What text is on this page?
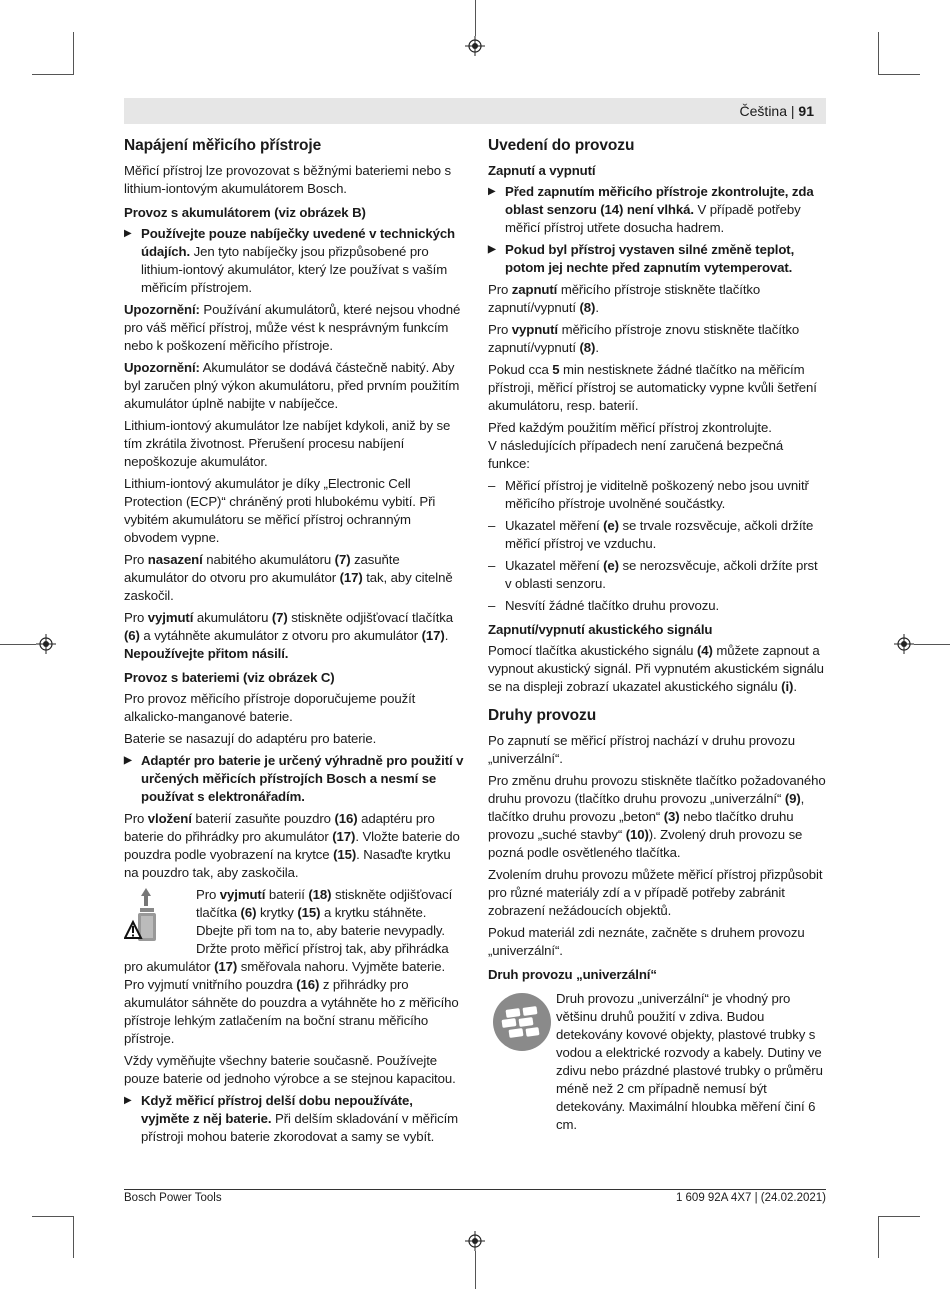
Čeština | 91
Napájení měřicího přístroje

Měřicí přístroj lze provozovat s běžnými bateriemi nebo s lithium-iontovým akumulátorem Bosch.

Provoz s akumulátorem (viz obrázek B)
▶ Používejte pouze nabíječky uvedené v technických údajích. Jen tyto nabíječky jsou přizpůsobené pro lithium-iontový akumulátor, který lze používat s vaším měřicím přístrojem.

Upozornění: Používání akumulátorů, které nejsou vhodné pro váš měřicí přístroj, může vést k nesprávným funkcím nebo k poškození měřicího přístroje.

Upozornění: Akumulátor se dodává částečně nabitý. Aby byl zaručen plný výkon akumulátoru, před prvním použitím akumulátor úplně nabijte v nabíječce.

Lithium-iontový akumulátor lze nabíjet kdykoli, aniž by se tím zkrátila životnost. Přerušení procesu nabíjení nepoškozuje akumulátor.

Lithium-iontový akumulátor je díky „Electronic Cell Protection (ECP)“ chráněný proti hlubokému vybití. Při vybitém akumulátoru se měřicí přístroj ochranným obvodem vypne.

Pro nasazení nabitého akumulátoru (7) zasuňte akumulátor do otvoru pro akumulátor (17) tak, aby citelně zaskočil.

Pro vyjmutí akumulátoru (7) stiskněte odjišťovací tlačítka (6) a vytáhněte akumulátor z otvoru pro akumulátor (17). Nepoužívejte přitom násilí.

Provoz s bateriemi (viz obrázek C)

Pro provoz měřicího přístroje doporučujeme použít alkalicko-manganové baterie.

Baterie se nasazují do adaptéru pro baterie.

▶ Adaptér pro baterie je určený výhradně pro použití v určených měřicích přístrojích Bosch a nesmí se používat s elektronářadím.

Pro vložení baterií zasuňte pouzdro (16) adaptéru pro baterie do přihrádky pro akumulátor (17). Vložte baterie do pouzdra podle vyobrazení na krytce (15). Nasaďte krytku na pouzdro tak, aby zaskočila.

Pro vyjmutí baterií (18) stiskněte odjišťovací tlačítka (6) krytky (15) a krytku stáhněte. Dbejte při tom na to, aby baterie nevypadly. Držte proto měřicí přístroj tak, aby přihrádka pro akumulátor (17) směřovala nahoru. Vyjměte baterie. Pro vyjmutí vnitřního pouzdra (16) z přihrádky pro akumulátor sáhněte do pouzdra a vytáhněte ho z měřicího přístroje lehkým zatlačením na boční stranu měřicího přístroje.

Vždy vyměňujte všechny baterie současně. Používejte pouze baterie od jednoho výrobce a se stejnou kapacitou.

▶ Když měřicí přístroj delší dobu nepoužíváte, vyjměte z něj baterie. Při delším skladování v měřicím přístroji mohou baterie zkorodovat a samy se vybít.
Uvedení do provozu
Zapnutí a vypnutí
▶ Před zapnutím měřicího přístroje zkontrolujte, zda oblast senzoru (14) není vlhká. V případě potřeby měřicí přístroj utřete dosucha hadrem.
▶ Pokud byl přístroj vystaven silné změně teplot, potom jej nechte před zapnutím vytemperovat.

Pro zapnutí měřicího přístroje stiskněte tlačítko zapnutí/vypnutí (8).

Pro vypnutí měřicího přístroje znovu stiskněte tlačítko zapnutí/vypnutí (8).

Pokud cca 5 min nestisknete žádné tlačítko na měřicím přístroji, měřicí přístroj se automaticky vypne kvůli šetření akumulátoru, resp. baterií.

Před každým použitím měřicí přístroj zkontrolujte.

V následujících případech není zaručená bezpečná funkce:

– Měřicí přístroj je viditelně poškozený nebo jsou uvnitř měřicího přístroje uvolněné součástky.
– Ukazatel měření (e) se trvale rozsvěcuje, ačkoli držíte měřicí přístroj ve vzduchu.
– Ukazatel měření (e) se nerozsvěcuje, ačkoli držíte prst v oblasti senzoru.
– Nesvítí žádné tlačítko druhu provozu.
Zapnutí/vypnutí akustického signálu

Pomocí tlačítka akustického signálu (4) můžete zapnout a vypnout akustický signál. Při vypnutém akustickém signálu se na displeji zobrazí ukazatel akustického signálu (i).

Druhy provozu

Po zapnutí se měřicí přístroj nachází v druhu provozu „univerzální“.

Pro změnu druhu provozu stiskněte tlačítko požadovaného druhu provozu (tlačítko druhu provozu „univerzální“ (9), tlačítko druhu provozu „beton“ (3) nebo tlačítko druhu provozu „suché stavby“ (10)). Zvolený druh provozu se pozná podle osvětleného tlačítka.

Zvolením druhu provozu můžete měřicí přístroj přizpůsobit pro různé materiály zdí a v případě potřeby zabránit zobrazení nežádoucích objektů.

Pokud materiál zdi neznáte, začněte s druhem provozu „univerzální“.

Druh provozu „univerzální“

Druh provozu „univerzální“ je vhodný pro většinu druhů použití v zdiva. Budou detekovány kovové objekty, plastové trubky s vodou a elektrické rozvody a kabely. Dutiny ve zdivu nebo prázdné plastové trubky o průměru méně než 2 cm případně nemusí být detekovány. Maximální hloubka měření činí 6 cm.

Bosch Power Tools	1 609 92A 4X7 | (24.02.2021)
